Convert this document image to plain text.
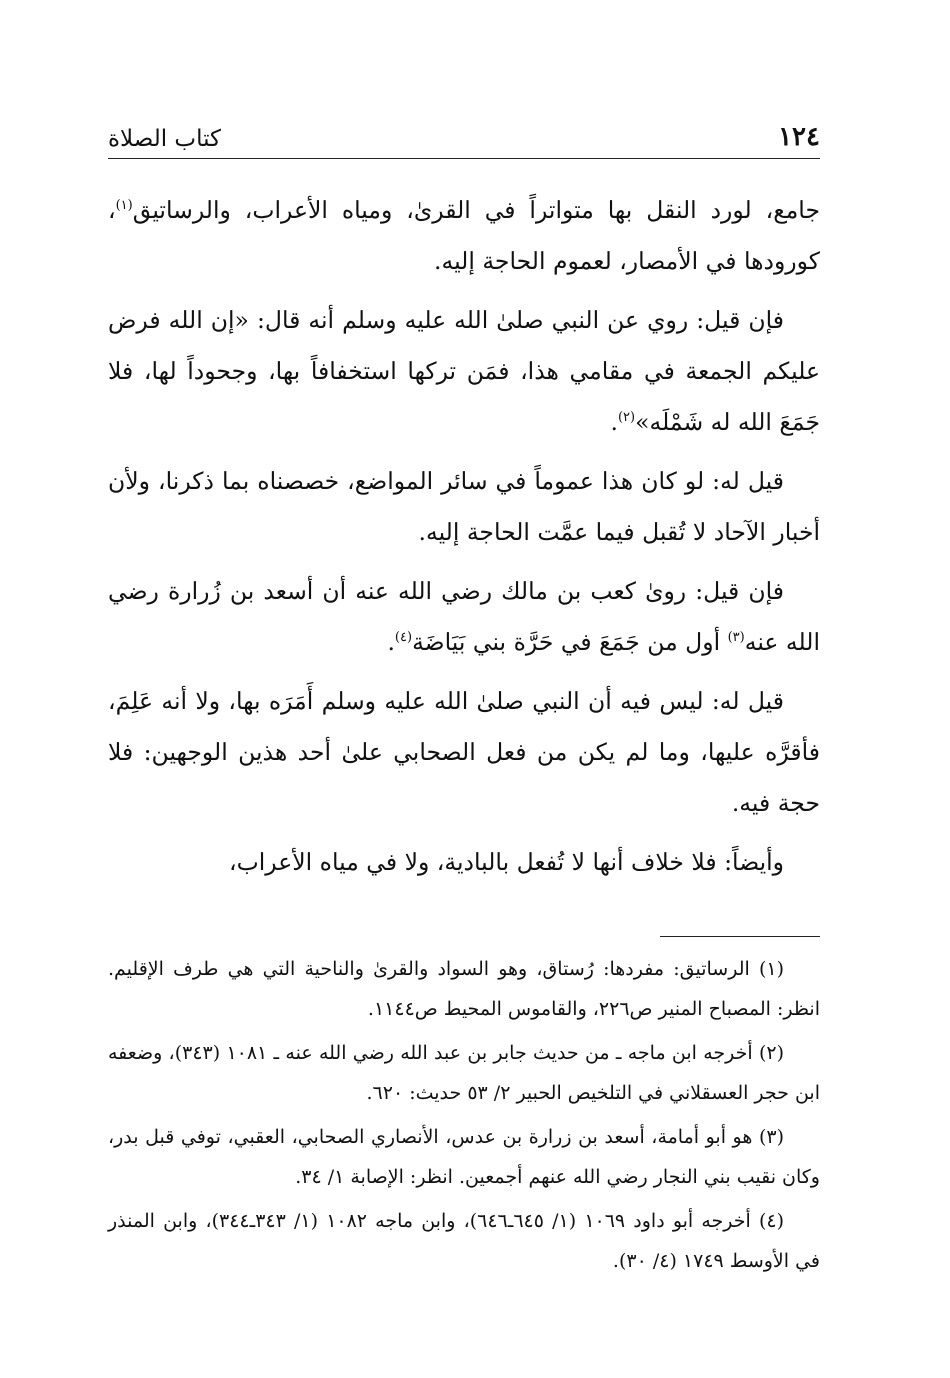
١٢٤
كتاب الصلاة

جامع، لورد النقل بها متواتراً في القرىٰ، ومياه الأعراب، والرساتيق$^{(١)}$، كورودها في الأمصار، لعموم الحاجة إليه.

فإن قيل: روي عن النبي صلىٰ الله عليه وسلم أنه قال: «إن الله فرض عليكم الجمعة في مقامي هذا، فمَن تركها استخفافاً بها، وجحوداً لها، فلا جَمَعَ الله له شَمْلَه»$^{(٢)}$.

قيل له: لو كان هذا عموماً في سائر المواضع، خصصناه بما ذكرنا، ولأن أخبار الآحاد لا تُقبل فيما عمَّت الحاجة إليه.

فإن قيل: روىٰ كعب بن مالك رضي الله عنه أن أسعد بن زُرارة رضي الله عنه$^{(٣)}$ أول من جَمَعَ في حَرَّة بني بَيَاضَة$^{(٤)}$.

قيل له: ليس فيه أن النبي صلىٰ الله عليه وسلم أَمَرَه بها، ولا أنه عَلِمَ، فأقرَّه عليها، وما لم يكن من فعل الصحابي علىٰ أحد هذين الوجهين: فلا حجة فيه.

وأيضاً: فلا خلاف أنها لا تُفعل بالبادية، ولا في مياه الأعراب،

(١) الرساتيق: مفردها: رُستاق، وهو السواد والقرىٰ والناحية التي هي طرف الإقليم. انظر: المصباح المنير ص٢٢٦، والقاموس المحيط ص١١٤٤.

(٢) أخرجه ابن ماجه ـ من حديث جابر بن عبد الله رضي الله عنه ـ ١٠٨١ (٣٤٣)، وضعفه ابن حجر العسقلاني في التلخيص الحبير ٢/ ٥٣ حديث: ٦٢٠.

(٣) هو أبو أمامة، أسعد بن زرارة بن عدس، الأنصاري الصحابي، العقبي، توفي قبل بدر، وكان نقيب بني النجار رضي الله عنهم أجمعين. انظر: الإصابة ١/ ٣٤.

(٤) أخرجه أبو داود ١٠٦٩ (١/ ٦٤٥ـ٦٤٦)، وابن ماجه ١٠٨٢ (١/ ٣٤٣ـ٣٤٤)، وابن المنذر في الأوسط ١٧٤٩ (٤/ ٣٠).
